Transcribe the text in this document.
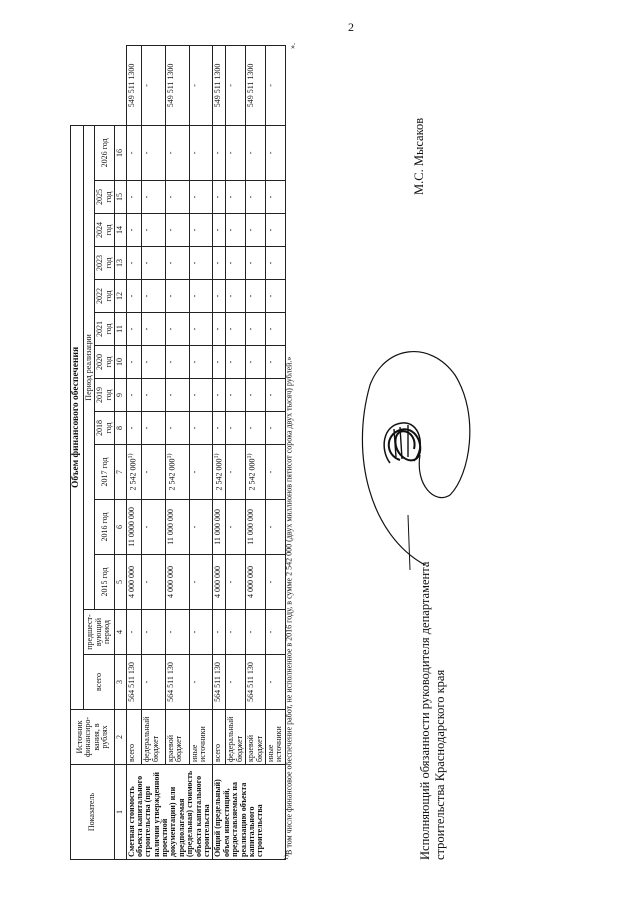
2
Показатель	Источник финансиро-вания, в рублях	Объем финансового обеспечения														
		всего	предшест-вующий период	Период реализации												
				2015 год	2016 год	2017 год	2018 год	2019 год	2020 год	2021 год	2022 год	2023 год	2024 год	2025 год	2026 год	
1	2	3	4	5	6	7	8	9	10	11	12	13	14	15	16	
Сметная стоимость объекта капитального строительства (при наличии утвержденной проектной документации) или предполагаемая (предельная) стоимость объекта капитального строительства	всего	564 511 130	-	4 000 000	11 0000 000	2 542 000$^{1)}$	-	-	-	-	-	-	-	-	-	549 511 1300
	федеральный бюджет	-	-	-	-	-	-	-	-	-	-	-	-	-	-	-
	краевой бюджет	564 511 130	-	4 000 000	11 000 000	2 542 000$^{1)}$	-	-	-	-	-	-	-	-	-	549 511 1300
	иные источники	-	-	-	-	-	-	-	-	-	-	-	-	-	-	-
Общий (предельный) объем инвестиций, предоставляемых на реализацию объекта капитального строительства	всего	564 511 130	-	4 000 000	11 000 000	2 542 000$^{1)}$	-	-	-	-	-	-	-	-	-	549 511 1300
	федеральный бюджет	-	-	-	-	-	-	-	-	-	-	-	-	-	-	-
	краевой бюджет	564 511 130	-	4 000 000	11 000 000	2 542 000$^{1)}$	-	-	-	-	-	-	-	-	-	549 511 1300
	иные источники	-	-	-	-	-	-	-	-	-	-	-	-	-	-	-
$^{1)}$В том числе финансовое обеспечение работ, не исполненное в 2016 году, в сумме 2 542 000 (двух миллионов пятисот сорока двух тысяч) рублей.»
».
Исполняющий обязанности руководителя департамента строительства Краснодарского края
М.С. Мысаков
